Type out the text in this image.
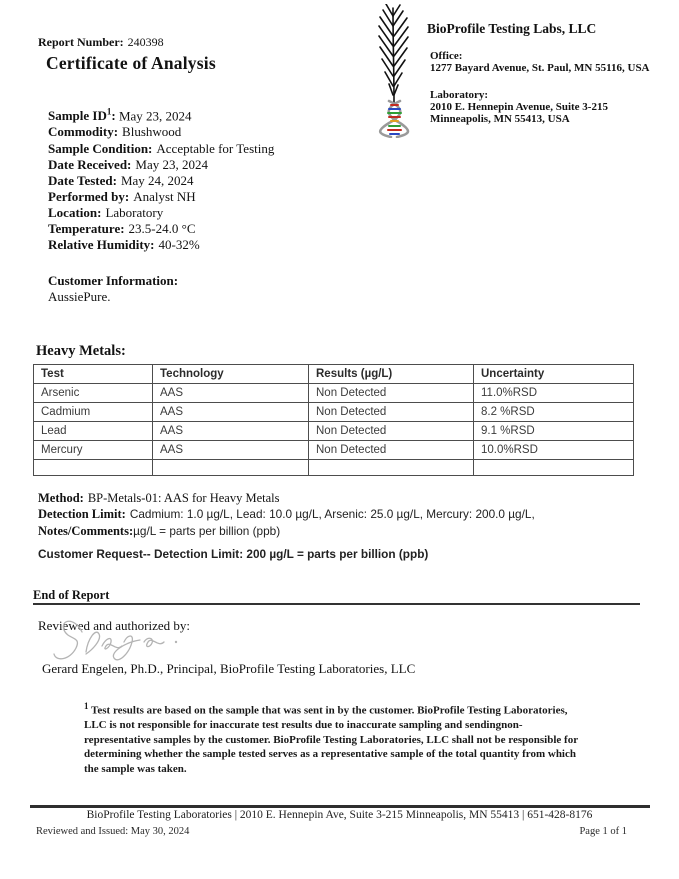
Report Number: 240398
Certificate of Analysis
BioProfile Testing Labs, LLC
Office:
1277 Bayard Avenue, St. Paul, MN 55116, USA
Laboratory:
2010 E. Hennepin Avenue, Suite 3-215
Minneapolis, MN 55413, USA
Sample $ID^1$: May 23, 2024
Commodity: Blushwood
Sample Condition: Acceptable for Testing
Date Received: May 23, 2024
Date Tested: May 24, 2024
Performed by: Analyst NH
Location: Laboratory
Temperature: 23.5-24.0 °C
Relative Humidity: 40-32%
Customer Information:
AussiePure.
Heavy Metals:
Test	Technology	Results (µg/L)	Uncertainty
Arsenic	AAS	Non Detected	11.0%RSD
Cadmium	AAS	Non Detected	8.2 %RSD
Lead	AAS	Non Detected	9.1 %RSD
Mercury	AAS	Non Detected	10.0%RSD

Method: BP-Metals-01: AAS for Heavy Metals
Detection Limit: Cadmium: 1.0 µg/L, Lead: 10.0 µg/L, Arsenic: 25.0 µg/L, Mercury: 200.0 µg/L,
Notes/Comments:µg/L = parts per billion (ppb)
Customer Request-- Detection Limit: 200 µg/L = parts per billion (ppb)
End of Report
Reviewed and authorized by:
Gerard Engelen, Ph.D., Principal, BioProfile Testing Laboratories, LLC
$^1$ Test results are based on the sample that was sent in by the customer. BioProfile Testing Laboratories,
LLC is not responsible for inaccurate test results due to inaccurate sampling and sendingnon-
representative samples by the customer. BioProfile Testing Laboratories, LLC shall not be responsible for
determining whether the sample tested serves as a representative sample of the total quantity from which
the sample was taken.
BioProfile Testing Laboratories | 2010 E. Hennepin Ave, Suite 3-215 Minneapolis, MN 55413 | 651-428-8176
Reviewed and Issued: May 30, 2024	Page 1 of 1
